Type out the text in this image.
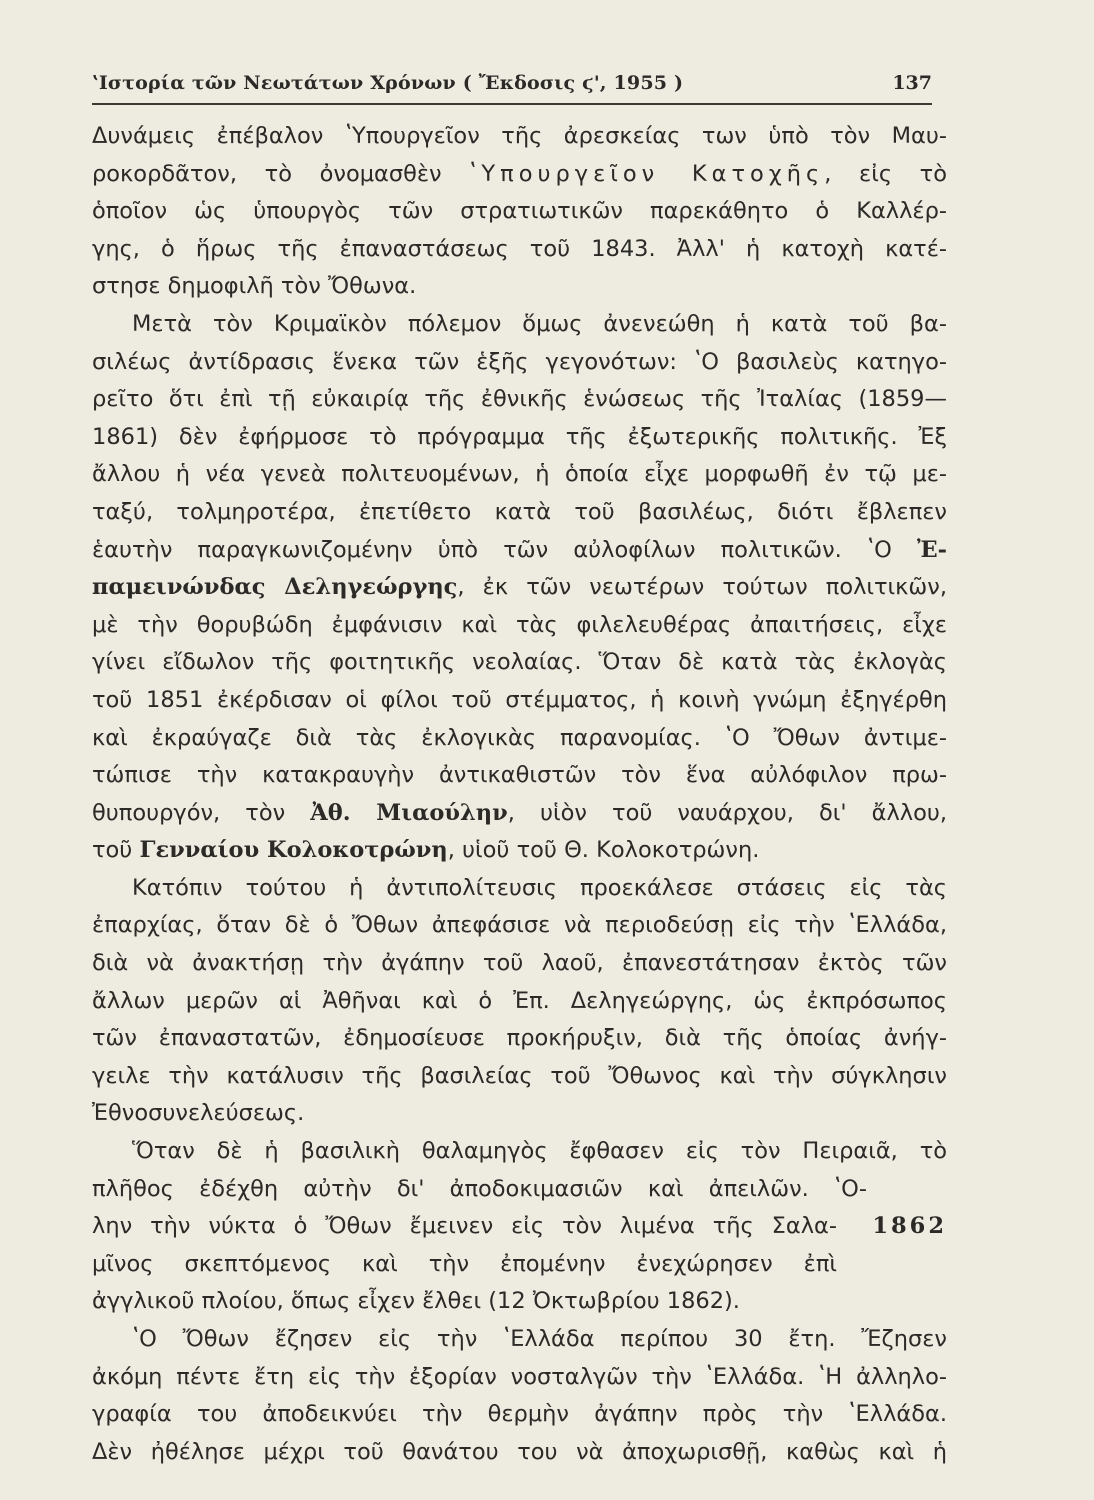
ʽΙστορία τῶν Νεωτάτων Χρόνων ( Ἔκδοσις ϛ', 1955 )	137
Δυνάμεις ἐπέβαλον ʽΥπουργεῖον τῆς ἀρεσκείας των ὑπὸ τὸν Μαυ-
ροκορδᾶτον, τὸ ὀνομασθὲν ʽΥπουργεῖον Κατοχῆς, εἰς τὸ
ὁποῖον ὡς ὑπουργὸς τῶν στρατιωτικῶν παρεκάθητο ὁ Καλλέρ-
γης, ὁ ἥρως τῆς ἐπαναστάσεως τοῦ 1843. Ἀλλ' ἡ κατοχὴ κατέ-
στησε δημοφιλῆ τὸν Ὄθωνα.
Μετὰ τὸν Κριμαϊκὸν πόλεμον ὅμως ἀνενεώθη ἡ κατὰ τοῦ βα-
σιλέως ἀντίδρασις ἕνεκα τῶν ἑξῆς γεγονότων: ʽΟ βασιλεὺς κατηγο-
ρεῖτο ὅτι ἐπὶ τῇ εὐκαιρίᾳ τῆς ἐθνικῆς ἑνώσεως τῆς Ἰταλίας (1859—
1861) δὲν ἐφήρμοσε τὸ πρόγραμμα τῆς ἐξωτερικῆς πολιτικῆς. Ἐξ
ἄλλου ἡ νέα γενεὰ πολιτευομένων, ἡ ὁποία εἶχε μορφωθῆ ἐν τῷ με-
ταξύ, τολμηροτέρα, ἐπετίθετο κατὰ τοῦ βασιλέως, διότι ἔβλεπεν
ἑαυτὴν παραγκωνιζομένην ὑπὸ τῶν αὐλοφίλων πολιτικῶν. ʽΟ Ἐ-
παμεινώνδας Δεληγεώργης, ἐκ τῶν νεωτέρων τούτων πολιτικῶν,
μὲ τὴν θορυβώδη ἐμφάνισιν καὶ τὰς φιλελευθέρας ἀπαιτήσεις, εἶχε
γίνει εἴδωλον τῆς φοιτητικῆς νεολαίας. Ὅταν δὲ κατὰ τὰς ἐκλογὰς
τοῦ 1851 ἐκέρδισαν οἱ φίλοι τοῦ στέμματος, ἡ κοινὴ γνώμη ἐξηγέρθη
καὶ ἐκραύγαζε διὰ τὰς ἐκλογικὰς παρανομίας. ʽΟ Ὄθων ἀντιμε-
τώπισε τὴν κατακραυγὴν ἀντικαθιστῶν τὸν ἕνα αὐλόφιλον πρω-
θυπουργόν, τὸν Ἀθ. Μιαούλην, υἱὸν τοῦ ναυάρχου, δι' ἄλλου,
τοῦ Γενναίου Κολοκοτρώνη, υἱοῦ τοῦ Θ. Κολοκοτρώνη.
Κατόπιν τούτου ἡ ἀντιπολίτευσις προεκάλεσε στάσεις εἰς τὰς
ἐπαρχίας, ὅταν δὲ ὁ Ὄθων ἀπεφάσισε νὰ περιοδεύσῃ εἰς τὴν ʽΕλλάδα,
διὰ νὰ ἀνακτήσῃ τὴν ἀγάπην τοῦ λαοῦ, ἐπανεστάτησαν ἐκτὸς τῶν
ἄλλων μερῶν αἱ Ἀθῆναι καὶ ὁ Ἐπ. Δεληγεώργης, ὡς ἐκπρόσωπος
τῶν ἐπαναστατῶν, ἐδημοσίευσε προκήρυξιν, διὰ τῆς ὁποίας ἀνήγ-
γειλε τὴν κατάλυσιν τῆς βασιλείας τοῦ Ὄθωνος καὶ τὴν σύγκλησιν
Ἐθνοσυνελεύσεως.
Ὅταν δὲ ἡ βασιλικὴ θαλαμηγὸς ἔφθασεν εἰς τὸν Πειραιᾶ, τὸ
πλῆθος ἐδέχθη αὐτὴν δι' ἀποδοκιμασιῶν καὶ ἀπειλῶν. ʽΟ-
λην τὴν νύκτα ὁ Ὄθων ἔμεινεν εἰς τὸν λιμένα τῆς Σαλα-	1862
μῖνος σκεπτόμενος καὶ τὴν ἐπομένην ἐνεχώρησεν ἐπὶ
ἀγγλικοῦ πλοίου, ὅπως εἶχεν ἔλθει (12 Ὀκτωβρίου 1862).
ʽΟ Ὄθων ἔζησεν εἰς τὴν ʽΕλλάδα περίπου 30 ἔτη. Ἔζησεν
ἀκόμη πέντε ἔτη εἰς τὴν ἐξορίαν νοσταλγῶν τὴν ʽΕλλάδα. ʽΗ ἀλληλο-
γραφία του ἀποδεικνύει τὴν θερμὴν ἀγάπην πρὸς τὴν ʽΕλλάδα.
Δὲν ἠθέλησε μέχρι τοῦ θανάτου του νὰ ἀποχωρισθῇ, καθὼς καὶ ἡ
